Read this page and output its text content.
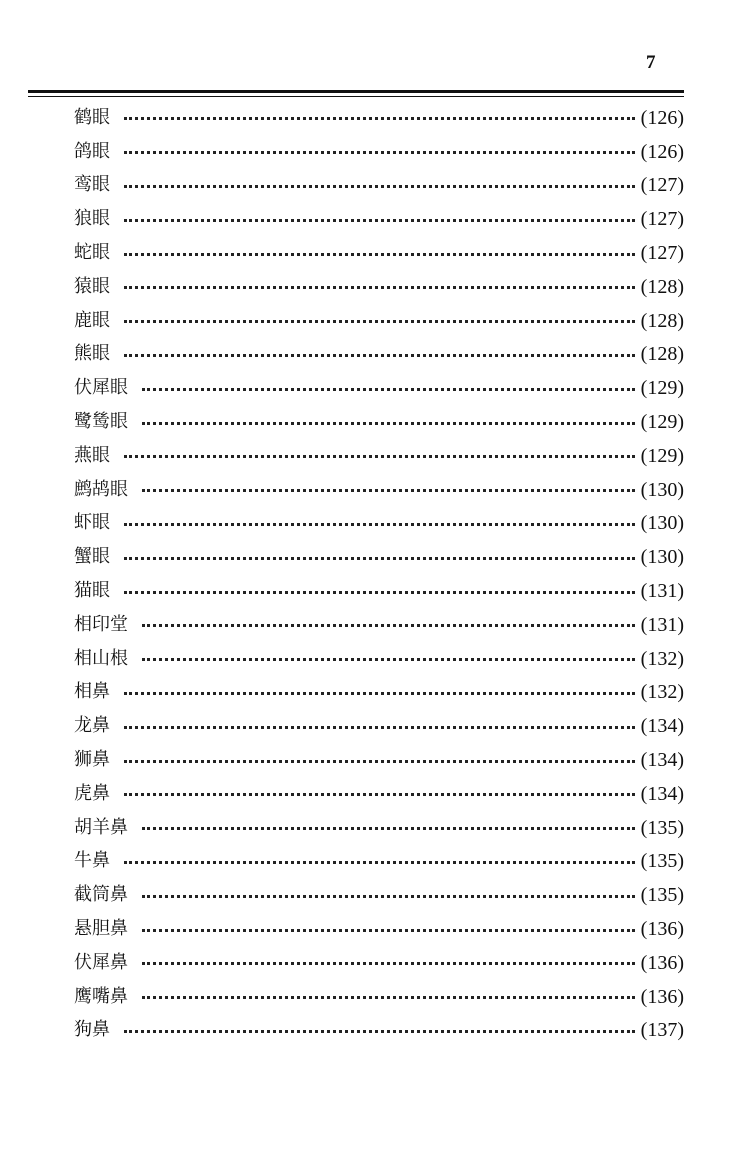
7
鹤眼	(126)
鸽眼	(126)
鸾眼	(127)
狼眼	(127)
蛇眼	(127)
猿眼	(128)
鹿眼	(128)
熊眼	(128)
伏犀眼	(129)
鹭鸶眼	(129)
燕眼	(129)
鹧鸪眼	(130)
虾眼	(130)
蟹眼	(130)
猫眼	(131)
相印堂	(131)
相山根	(132)
相鼻	(132)
龙鼻	(134)
狮鼻	(134)
虎鼻	(134)
胡羊鼻	(135)
牛鼻	(135)
截筒鼻	(135)
悬胆鼻	(136)
伏犀鼻	(136)
鹰嘴鼻	(136)
狗鼻	(137)
